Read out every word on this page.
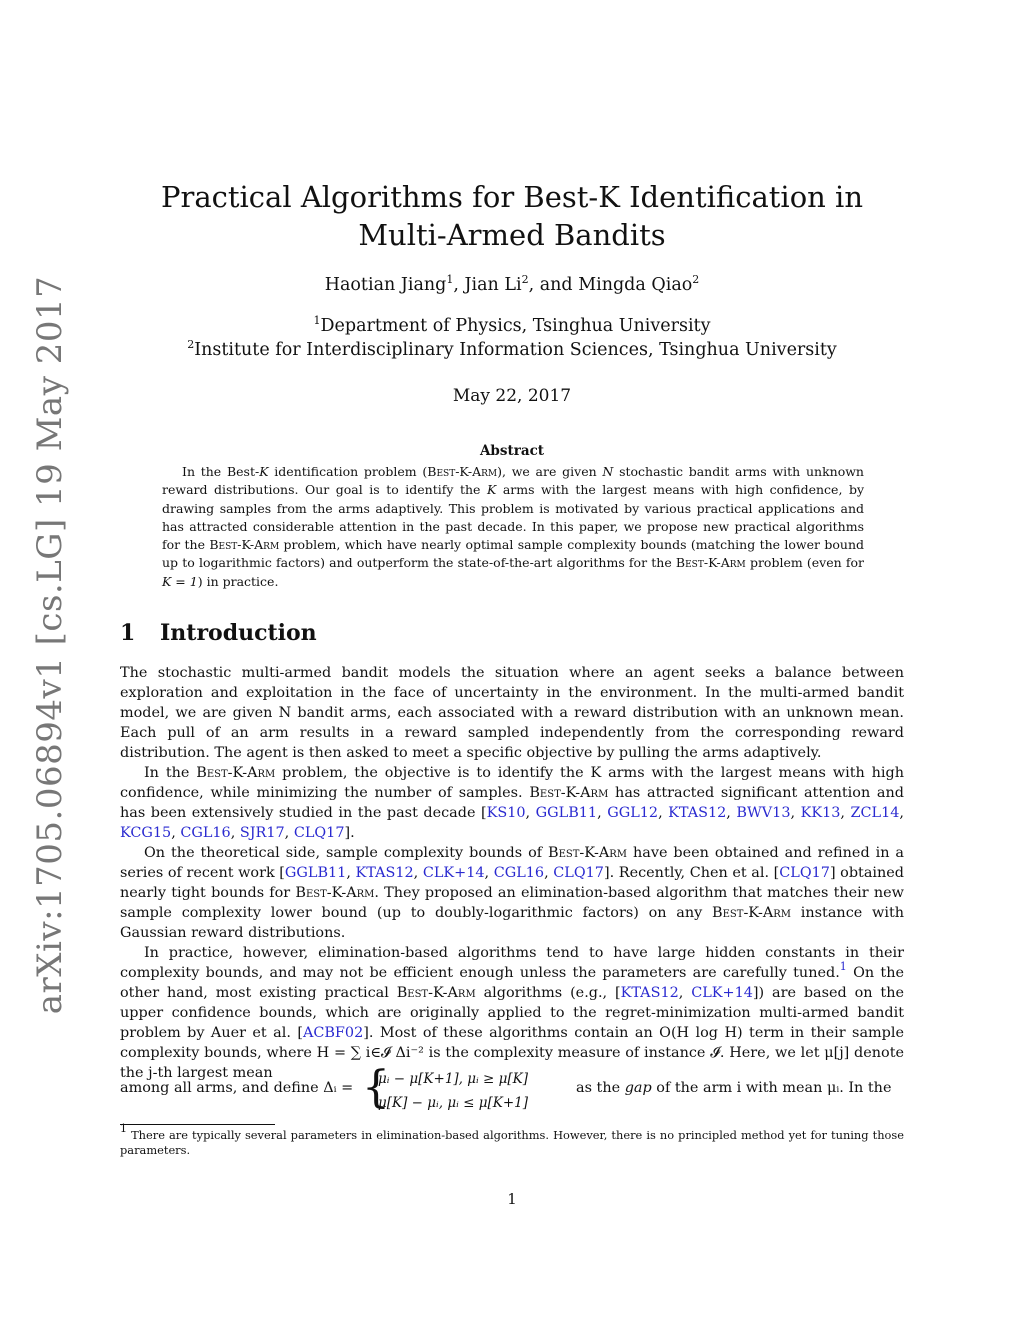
arXiv:1705.06894v1 [cs.LG] 19 May 2017
Practical Algorithms for Best-K Identification in
Multi-Armed Bandits
Haotian Jiang$^1$, Jian Li$^2$, and Mingda Qiao$^2$
$^1$Department of Physics, Tsinghua University
$^2$Institute for Interdisciplinary Information Sciences, Tsinghua University
May 22, 2017
Abstract

In the Best-K identification problem (Best-K-Arm), we are given N stochastic bandit arms with unknown reward distributions. Our goal is to identify the K arms with the largest means with high confidence, by drawing samples from the arms adaptively. This problem is motivated by various practical applications and has attracted considerable attention in the past decade. In this paper, we propose new practical algorithms for the Best-K-Arm problem, which have nearly optimal sample complexity bounds (matching the lower bound up to logarithmic factors) and outperform the state-of-the-art algorithms for the Best-K-Arm problem (even for K = 1) in practice.

1 Introduction

The stochastic multi-armed bandit models the situation where an agent seeks a balance between exploration and exploitation in the face of uncertainty in the environment. In the multi-armed bandit model, we are given N bandit arms, each associated with a reward distribution with an unknown mean. Each pull of an arm results in a reward sampled independently from the corresponding reward distribution. The agent is then asked to meet a specific objective by pulling the arms adaptively.

In the Best-K-Arm problem, the objective is to identify the K arms with the largest means with high confidence, while minimizing the number of samples. Best-K-Arm has attracted significant attention and has been extensively studied in the past decade [KS10, GGLB11, GGL12, KTAS12, BWV13, KK13, ZCL14, KCG15, CGL16, SJR17, CLQ17].

On the theoretical side, sample complexity bounds of Best-K-Arm have been obtained and refined in a series of recent work [GGLB11, KTAS12, CLK+14, CGL16, CLQ17]. Recently, Chen et al. [CLQ17] obtained nearly tight bounds for Best-K-Arm. They proposed an elimination-based algorithm that matches their new sample complexity lower bound (up to doubly-logarithmic factors) on any Best-K-Arm instance with Gaussian reward distributions.

In practice, however, elimination-based algorithms tend to have large hidden constants in their complexity bounds, and may not be efficient enough unless the parameters are carefully tuned.$^1$ On the other hand, most existing practical Best-K-Arm algorithms (e.g., [KTAS12, CLK+14]) are based on the upper confidence bounds, which are originally applied to the regret-minimization multi-armed bandit problem by Auer et al. [ACBF02]. Most of these algorithms contain an O(H log H) term in their sample complexity bounds, where H = ∑ i∈𝓘 Δi⁻² is the complexity measure of instance 𝓘. Here, we let μ[j] denote the j-th largest mean

among all arms, and define Δᵢ = {
μᵢ − μ[K+1], μᵢ ≥ μ[K]
μ[K] − μᵢ, μᵢ ≤ μ[K+1]
as the gap of the arm i with mean μᵢ. In the
$^1$ There are typically several parameters in elimination-based algorithms. However, there is no principled method yet for tuning those parameters.
1
